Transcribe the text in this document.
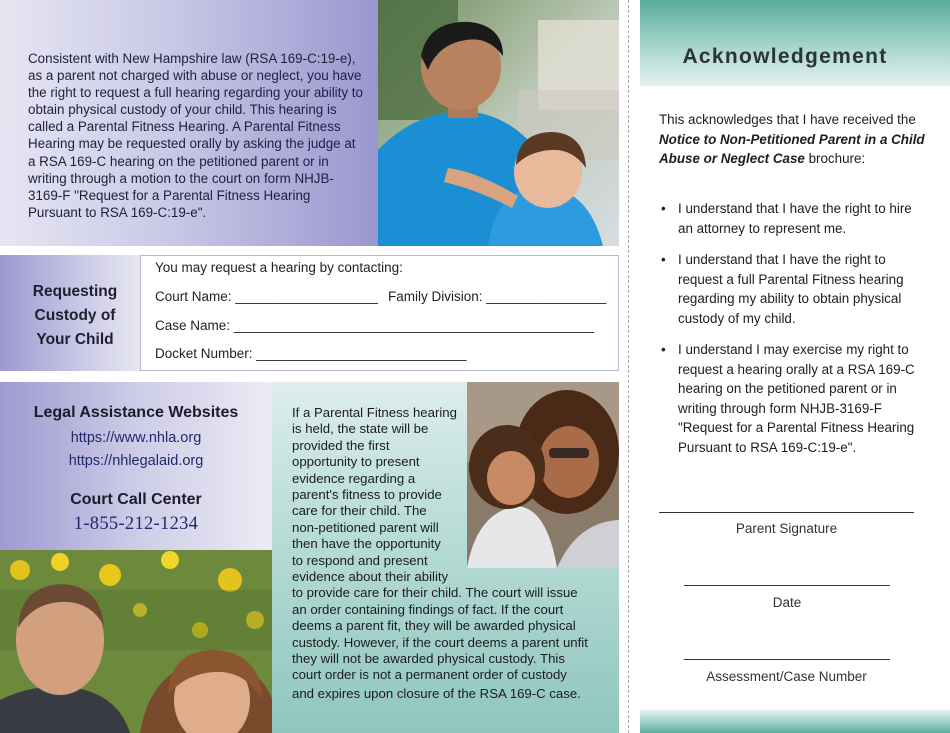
Consistent with New Hampshire law (RSA 169-C:19-e), as a parent not charged with abuse or neglect, you have the right to request a full hearing regarding your ability to obtain physical custody of your child. This hearing is called a Parental Fitness Hearing. A Parental Fitness Hearing may be requested orally by asking the judge at a RSA 169-C hearing on the petitioned parent or in writing through a motion to the court on form NHJB-3169-F "Request for a Parental Fitness Hearing Pursuant to RSA 169-C:19-e".
Requesting
Custody of
Your Child
You may request a hearing by contacting:
Court Name: ___________________ Family Division: ________________
Case Name: ________________________________________________
Docket Number: ____________________________
Legal Assistance Websites
https://www.nhla.org
https://nhlegalaid.org
Court Call Center
1-855-212-1234
If a Parental Fitness hearing
is held, the state will be
provided the first
opportunity to present
evidence regarding a
parent's fitness to provide
care for their child. The
non-petitioned parent will
then have the opportunity
to respond and present
evidence about their ability
to provide care for their child. The court will issue
an order containing findings of fact. If the court
deems a parent fit, they will be awarded physical
custody. However, if the court deems a parent unfit
they will not be awarded physical custody. This
court order is not a permanent order of custody
and expires upon closure of the RSA 169-C case.
Acknowledgement
This acknowledges that I have received the Notice to Non-Petitioned Parent in a Child Abuse or Neglect Case brochure:
• I understand that I have the right to hire an attorney to represent me.
• I understand that I have the right to request a full Parental Fitness hearing regarding my ability to obtain physical custody of my child.
• I understand I may exercise my right to request a hearing orally at a RSA 169-C hearing on the petitioned parent or in writing through form NHJB-3169-F "Request for a Parental Fitness Hearing Pursuant to RSA 169-C:19-e".
Parent Signature
Date
Assessment/Case Number
